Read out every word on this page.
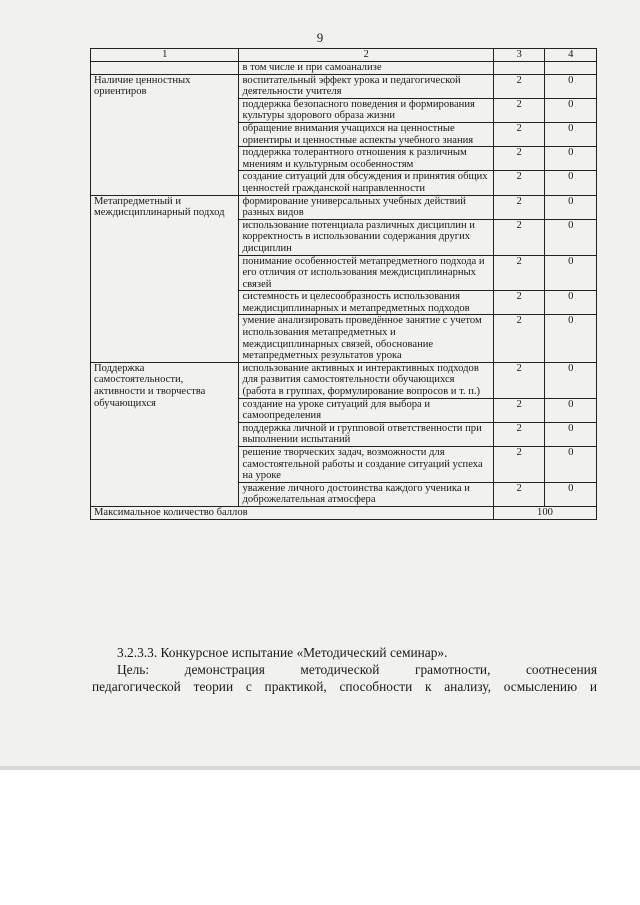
9
1	2	3	4
	в том числе и при самоанализе		
Наличие ценностных ориентиров	воспитательный эффект урока и педагогической деятельности учителя	2	0
	поддержка безопасного поведения и формирования культуры здорового образа жизни	2	0
	обращение внимания учащихся на ценностные ориентиры и ценностные аспекты учебного знания	2	0
	поддержка толерантного отношения к различным мнениям и культурным особенностям	2	0
	создание ситуаций для обсуждения и принятия общих ценностей гражданской направленности	2	0
Метапредметный и междисциплинарный подход	формирование универсальных учебных действий разных видов	2	0
	использование потенциала различных дисциплин и корректность в использовании содержания других дисциплин	2	0
	понимание особенностей метапредметного подхода и его отличия от использования междисциплинарных связей	2	0
	системность и целесообразность использования междисциплинарных и метапредметных подходов	2	0
	умение анализировать проведённое занятие с учетом использования метапредметных и междисциплинарных связей, обоснование метапредметных результатов урока	2	0
Поддержка самостоятельности, активности и творчества обучающихся	использование активных и интерактивных подходов для развития самостоятельности обучающихся (работа в группах, формулирование вопросов и т. п.)	2	0
	создание на уроке ситуаций для выбора и самоопределения	2	0
	поддержка личной и групповой ответственности при выполнении испытаний	2	0
	решение творческих задач, возможности для самостоятельной работы и создание ситуаций успеха на уроке	2	0
	уважение личного достоинства каждого ученика и доброжелательная атмосфера	2	0
Максимальное количество баллов		100	
3.2.3.3. Конкурсное испытание «Методический семинар».
Цель: демонстрация методической грамотности, соотнесения
педагогической теории с практикой, способности к анализу, осмыслению и
